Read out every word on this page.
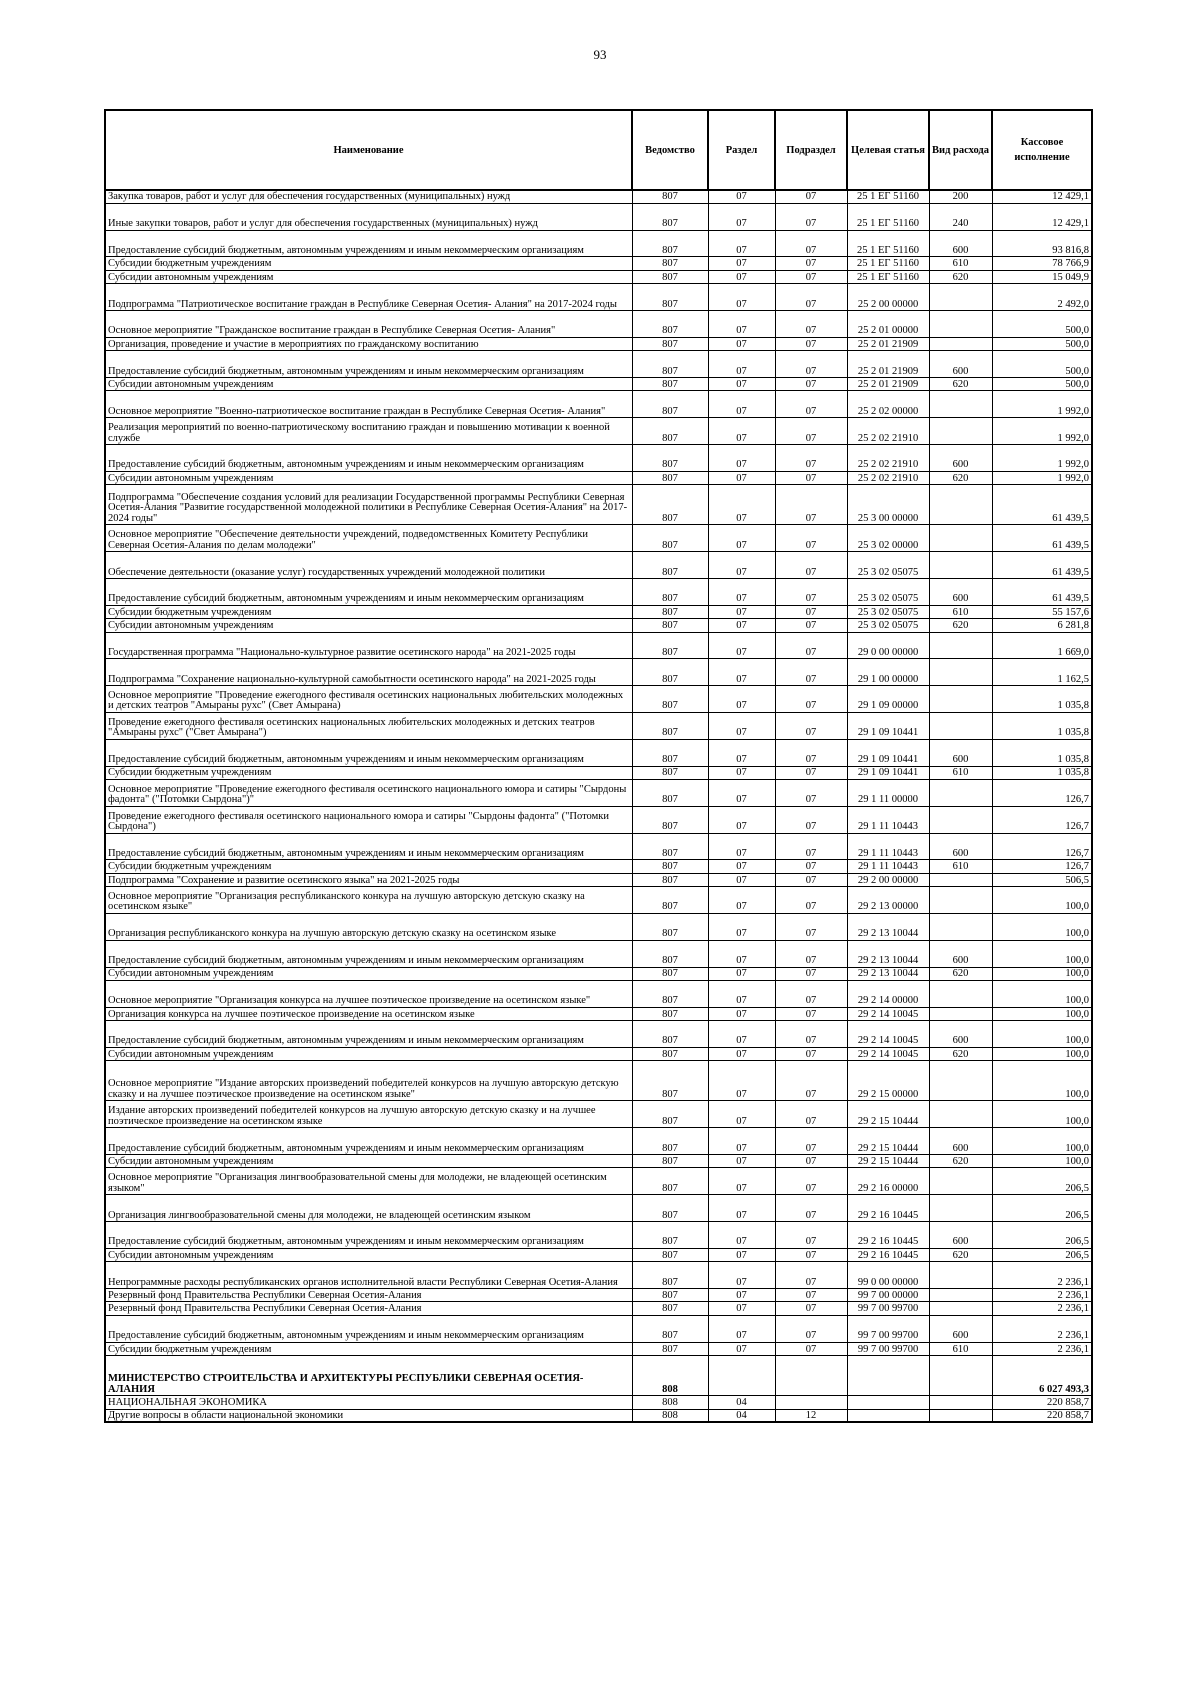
93
Наименование	Ведомство	Раздел	Подраздел	Целевая статья	Вид расхода	Кассовое исполнение
Закупка товаров, работ и услуг для обеспечения государственных (муниципальных) нужд	807	07	07	25 1 ЕГ 51160	200	12 429,1
Иные закупки товаров, работ и услуг для обеспечения государственных (муниципальных) нужд	807	07	07	25 1 ЕГ 51160	240	12 429,1
Предоставление субсидий бюджетным, автономным учреждениям и иным некоммерческим организациям	807	07	07	25 1 ЕГ 51160	600	93 816,8
Субсидии бюджетным учреждениям	807	07	07	25 1 ЕГ 51160	610	78 766,9
Субсидии автономным учреждениям	807	07	07	25 1 ЕГ 51160	620	15 049,9
Подпрограмма "Патриотическое воспитание граждан в Республике Северная Осетия- Алания" на 2017-2024 годы	807	07	07	25 2 00 00000		2 492,0
Основное мероприятие "Гражданское воспитание граждан в Республике Северная Осетия- Алания"	807	07	07	25 2 01 00000		500,0
Организация, проведение и участие в мероприятиях по гражданскому воспитанию	807	07	07	25 2 01 21909		500,0
Предоставление субсидий бюджетным, автономным учреждениям и иным некоммерческим организациям	807	07	07	25 2 01 21909	600	500,0
Субсидии автономным учреждениям	807	07	07	25 2 01 21909	620	500,0
Основное мероприятие "Военно-патриотическое воспитание граждан в Республике Северная Осетия- Алания"	807	07	07	25 2 02 00000		1 992,0
Реализация мероприятий по военно-патриотическому воспитанию граждан и повышению мотивации к военной службе	807	07	07	25 2 02 21910		1 992,0
Предоставление субсидий бюджетным, автономным учреждениям и иным некоммерческим организациям	807	07	07	25 2 02 21910	600	1 992,0
Субсидии автономным учреждениям	807	07	07	25 2 02 21910	620	1 992,0
Подпрограмма "Обеспечение создания условий для реализации Государственной программы Республики Северная Осетия-Алания "Развитие государственной молодежной политики в Республике Северная Осетия-Алания" на 2017-2024 годы"	807	07	07	25 3 00 00000		61 439,5
Основное мероприятие "Обеспечение деятельности учреждений, подведомственных Комитету Республики Северная Осетия-Алания по делам молодежи"	807	07	07	25 3 02 00000		61 439,5
Обеспечение деятельности (оказание услуг) государственных учреждений молодежной политики	807	07	07	25 3 02 05075		61 439,5
Предоставление субсидий бюджетным, автономным учреждениям и иным некоммерческим организациям	807	07	07	25 3 02 05075	600	61 439,5
Субсидии бюджетным учреждениям	807	07	07	25 3 02 05075	610	55 157,6
Субсидии автономным учреждениям	807	07	07	25 3 02 05075	620	6 281,8
Государственная программа "Национально-культурное развитие осетинского народа" на 2021-2025 годы	807	07	07	29 0 00 00000		1 669,0
Подпрограмма "Сохранение национально-культурной самобытности осетинского народа" на 2021-2025 годы	807	07	07	29 1 00 00000		1 162,5
Основное мероприятие "Проведение ежегодного фестиваля осетинских национальных любительских молодежных и детских театров "Амыраны рухс" (Свет Амырана)	807	07	07	29 1 09 00000		1 035,8
Проведение ежегодного фестиваля осетинских национальных любительских молодежных и детских театров "Амыраны рухс" ("Свет Амырана")	807	07	07	29 1 09 10441		1 035,8
Предоставление субсидий бюджетным, автономным учреждениям и иным некоммерческим организациям	807	07	07	29 1 09 10441	600	1 035,8
Субсидии бюджетным учреждениям	807	07	07	29 1 09 10441	610	1 035,8
Основное мероприятие "Проведение ежегодного фестиваля осетинского национального юмора и сатиры "Сырдоны фадонта" ("Потомки Сырдона")"	807	07	07	29 1 11 00000		126,7
Проведение ежегодного фестиваля осетинского национального юмора и сатиры "Сырдоны фадонта" ("Потомки Сырдона")	807	07	07	29 1 11 10443		126,7
Предоставление субсидий бюджетным, автономным учреждениям и иным некоммерческим организациям	807	07	07	29 1 11 10443	600	126,7
Субсидии бюджетным учреждениям	807	07	07	29 1 11 10443	610	126,7
Подпрограмма "Сохранение и развитие осетинского языка" на 2021-2025 годы	807	07	07	29 2 00 00000		506,5
Основное мероприятие "Организация республиканского конкура на лучшую авторскую детскую сказку на осетинском языке"	807	07	07	29 2 13 00000		100,0
Организация республиканского конкура на лучшую авторскую детскую сказку на осетинском языке	807	07	07	29 2 13 10044		100,0
Предоставление субсидий бюджетным, автономным учреждениям и иным некоммерческим организациям	807	07	07	29 2 13 10044	600	100,0
Субсидии автономным учреждениям	807	07	07	29 2 13 10044	620	100,0
Основное мероприятие "Организация конкурса на лучшее поэтическое произведение на осетинском языке"	807	07	07	29 2 14 00000		100,0
Организация конкурса на лучшее поэтическое произведение на осетинском языке	807	07	07	29 2 14 10045		100,0
Предоставление субсидий бюджетным, автономным учреждениям и иным некоммерческим организациям	807	07	07	29 2 14 10045	600	100,0
Субсидии автономным учреждениям	807	07	07	29 2 14 10045	620	100,0
Основное мероприятие "Издание авторских произведений победителей конкурсов на лучшую авторскую детскую сказку и на лучшее поэтическое произведение на осетинском языке"	807	07	07	29 2 15 00000		100,0
Издание авторских произведений победителей конкурсов на лучшую авторскую детскую сказку и на лучшее поэтическое произведение на осетинском языке	807	07	07	29 2 15 10444		100,0
Предоставление субсидий бюджетным, автономным учреждениям и иным некоммерческим организациям	807	07	07	29 2 15 10444	600	100,0
Субсидии автономным учреждениям	807	07	07	29 2 15 10444	620	100,0
Основное мероприятие "Организация лингвообразовательной смены для молодежи, не владеющей осетинским языком"	807	07	07	29 2 16 00000		206,5
Организация лингвообразовательной смены для молодежи, не владеющей осетинским языком	807	07	07	29 2 16 10445		206,5
Предоставление субсидий бюджетным, автономным учреждениям и иным некоммерческим организациям	807	07	07	29 2 16 10445	600	206,5
Субсидии автономным учреждениям	807	07	07	29 2 16 10445	620	206,5
Непрограммные расходы республиканских органов исполнительной власти Республики Северная Осетия-Алания	807	07	07	99 0 00 00000		2 236,1
Резервный фонд Правительства Республики Северная Осетия-Алания	807	07	07	99 7 00 00000		2 236,1
Резервный фонд Правительства Республики Северная Осетия-Алания	807	07	07	99 7 00 99700		2 236,1
Предоставление субсидий бюджетным, автономным учреждениям и иным некоммерческим организациям	807	07	07	99 7 00 99700	600	2 236,1
Субсидии бюджетным учреждениям	807	07	07	99 7 00 99700	610	2 236,1
МИНИСТЕРСТВО СТРОИТЕЛЬСТВА И АРХИТЕКТУРЫ РЕСПУБЛИКИ СЕВЕРНАЯ ОСЕТИЯ-АЛАНИЯ	808					6 027 493,3
НАЦИОНАЛЬНАЯ ЭКОНОМИКА	808	04				220 858,7
Другие вопросы в области национальной экономики	808	04	12			220 858,7
